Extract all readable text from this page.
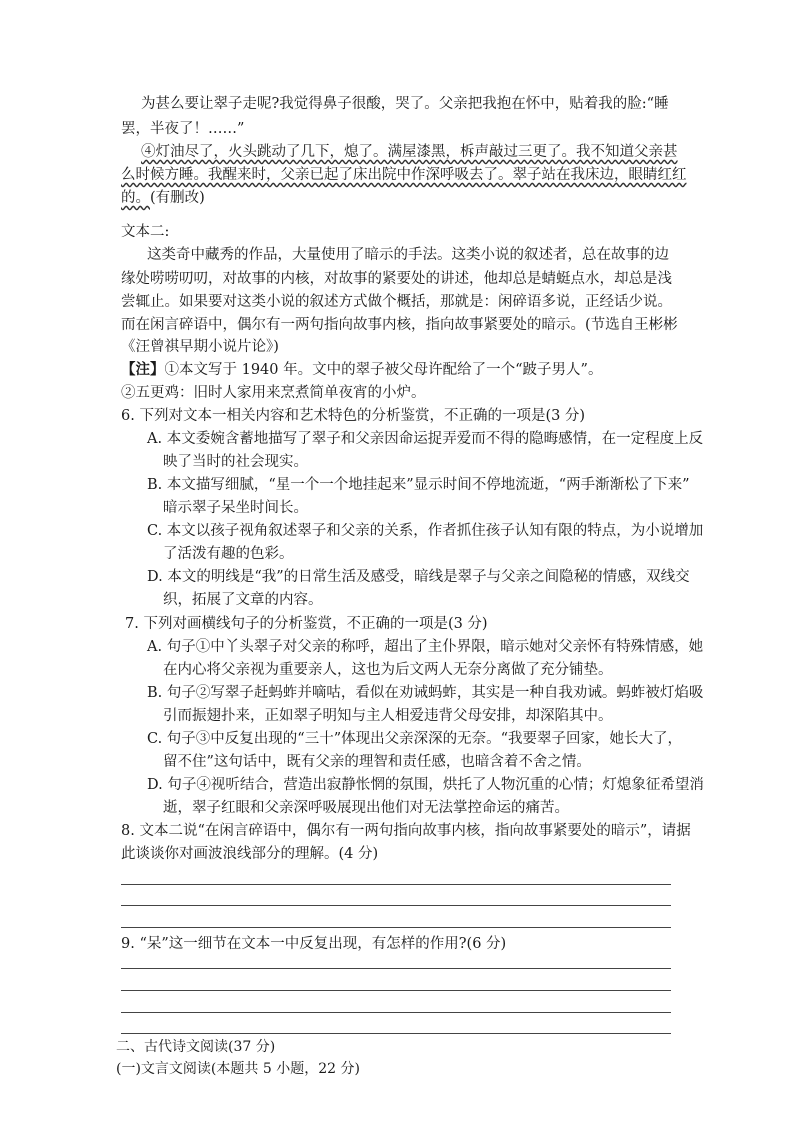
为甚么要让翠子走呢?我觉得鼻子很酸，哭了。父亲把我抱在怀中，贴着我的脸:“睡
罢，半夜了！……”
④灯油尽了，火头跳动了几下，熄了。满屋漆黑，柝声敲过三更了。我不知道父亲甚
么时候方睡。我醒来时，父亲已起了床出院中作深呼吸去了。翠子站在我床边，眼睛红红
的。(有删改)
文本二:
这类奇中藏秀的作品，大量使用了暗示的手法。这类小说的叙述者，总在故事的边
缘处唠唠叨叨，对故事的内核，对故事的紧要处的讲述，他却总是蜻蜓点水，却总是浅
尝辄止。如果要对这类小说的叙述方式做个概括，那就是：闲碎语多说，正经话少说。
而在闲言碎语中，偶尔有一两句指向故事内核，指向故事紧要处的暗示。(节选自王彬彬
《汪曾祺早期小说片论》)
【注】①本文写于 1940 年。文中的翠子被父母许配给了一个“跛子男人”。
②五更鸡：旧时人家用来烹煮简单夜宵的小炉。
6. 下列对文本一相关内容和艺术特色的分析鉴赏，不正确的一项是(3 分)
A. 本文委婉含蓄地描写了翠子和父亲因命运捉弄爱而不得的隐晦感情，在一定程度上反
映了当时的社会现实。
B. 本文描写细腻，“星一个一个地挂起来”显示时间不停地流逝，“两手渐渐松了下来”
暗示翠子呆坐时间长。
C. 本文以孩子视角叙述翠子和父亲的关系，作者抓住孩子认知有限的特点，为小说增加
了活泼有趣的色彩。
D. 本文的明线是“我”的日常生活及感受，暗线是翠子与父亲之间隐秘的情感，双线交
织，拓展了文章的内容。
7. 下列对画横线句子的分析鉴赏，不正确的一项是(3 分)
A. 句子①中丫头翠子对父亲的称呼，超出了主仆界限，暗示她对父亲怀有特殊情感，她
在内心将父亲视为重要亲人，这也为后文两人无奈分离做了充分铺垫。
B. 句子②写翠子赶蚂蚱并嘀咕，看似在劝诫蚂蚱，其实是一种自我劝诫。蚂蚱被灯焰吸
引而振翅扑来，正如翠子明知与主人相爱违背父母安排，却深陷其中。
C. 句子③中反复出现的“三十”体现出父亲深深的无奈。“我要翠子回家，她长大了，
留不住”这句话中，既有父亲的理智和责任感，也暗含着不舍之情。
D. 句子④视听结合，营造出寂静怅惘的氛围，烘托了人物沉重的心情；灯熄象征希望消
逝，翠子红眼和父亲深呼吸展现出他们对无法掌控命运的痛苦。
8. 文本二说“在闲言碎语中，偶尔有一两句指向故事内核，指向故事紧要处的暗示”，请据
此谈谈你对画波浪线部分的理解。(4 分)
9. “呆”这一细节在文本一中反复出现，有怎样的作用?(6 分)
二、古代诗文阅读(37 分)
(一)文言文阅读(本题共 5 小题，22 分)
